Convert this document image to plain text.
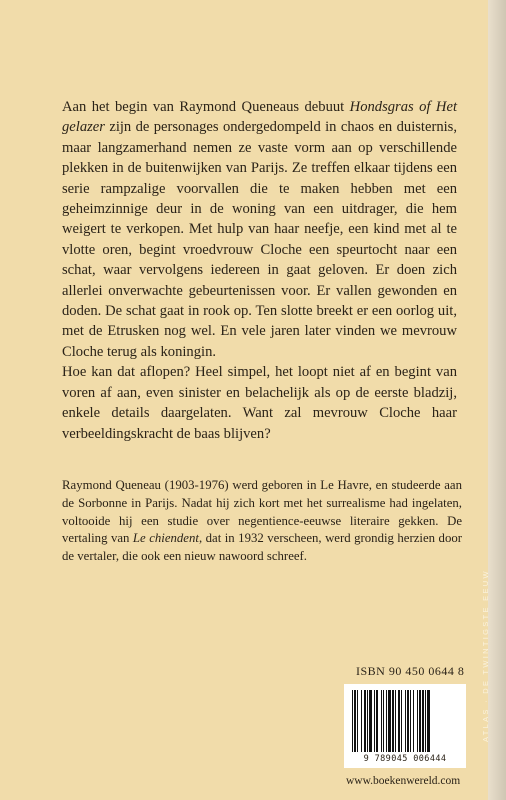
Aan het begin van Raymond Queneaus debuut Hondsgras of Het gelazer zijn de personages ondergedompeld in chaos en duisternis, maar langzamerhand nemen ze vaste vorm aan op verschillende plekken in de buitenwijken van Parijs. Ze treffen elkaar tijdens een serie rampzalige voorvallen die te maken hebben met een geheimzinnige deur in de woning van een uitdrager, die hem weigert te verkopen. Met hulp van haar neefje, een kind met al te vlotte oren, begint vroedvrouw Cloche een speurtocht naar een schat, waar vervolgens iedereen in gaat geloven. Er doen zich allerlei onverwachte gebeurtenissen voor. Er vallen gewonden en doden. De schat gaat in rook op. Ten slotte breekt er een oorlog uit, met de Etrusken nog wel. En vele jaren later vinden we mevrouw Cloche terug als koningin.

Hoe kan dat aflopen? Heel simpel, het loopt niet af en begint van voren af aan, even sinister en belachelijk als op de eerste bladzij, enkele details daargelaten. Want zal mevrouw Cloche haar verbeeldingskracht de baas blijven?

Raymond Queneau (1903-1976) werd geboren in Le Havre, en studeerde aan de Sorbonne in Parijs. Nadat hij zich kort met het surrealisme had ingelaten, voltooide hij een studie over negentience-eeuwse literaire gekken. De vertaling van Le chiendent, dat in 1932 verscheen, werd grondig herzien door de vertaler, die ook een nieuw nawoord schreef.

ISBN 90 450 0644 8
9 789045 006444
www.boekenwereld.com
ATLAS · DE TWINTIGSTE EEUW
